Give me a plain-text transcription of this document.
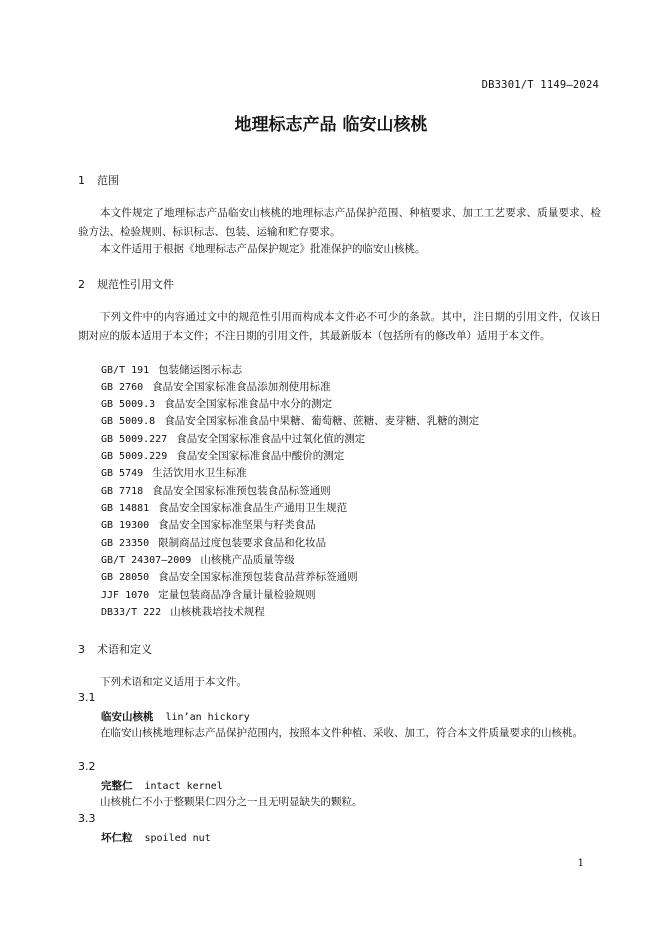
DB3301/T 1149—2024
地理标志产品 临安山核桃
1 范围
本文件规定了地理标志产品临安山核桃的地理标志产品保护范围、种植要求、加工工艺要求、质量要求、检验方法、检验规则、标识标志、包装、运输和贮存要求。
本文件适用于根据《地理标志产品保护规定》批准保护的临安山核桃。
2 规范性引用文件
下列文件中的内容通过文中的规范性引用而构成本文件必不可少的条款。其中，注日期的引用文件，仅该日期对应的版本适用于本文件；不注日期的引用文件，其最新版本（包括所有的修改单）适用于本文件。
GB/T 191 包装储运图示标志
GB 2760 食品安全国家标准食品添加剂使用标准
GB 5009.3 食品安全国家标准食品中水分的测定
GB 5009.8 食品安全国家标准食品中果糖、葡萄糖、蔗糖、麦芽糖、乳糖的测定
GB 5009.227 食品安全国家标准食品中过氧化值的测定
GB 5009.229 食品安全国家标准食品中酸价的测定
GB 5749 生活饮用水卫生标准
GB 7718 食品安全国家标准预包装食品标签通则
GB 14881 食品安全国家标准食品生产通用卫生规范
GB 19300 食品安全国家标准坚果与籽类食品
GB 23350 限制商品过度包装要求食品和化妆品
GB/T 24307—2009 山核桃产品质量等级
GB 28050 食品安全国家标准预包装食品营养标签通则
JJF 1070 定量包装商品净含量计量检验规则
DB33/T 222 山核桃栽培技术规程
3 术语和定义
下列术语和定义适用于本文件。
3.1
临安山核桃 lin’an hickory
在临安山核桃地理标志产品保护范围内，按照本文件种植、采收、加工，符合本文件质量要求的山核桃。
3.2
完整仁 intact kernel
山核桃仁不小于整颗果仁四分之一且无明显缺失的颗粒。
3.3
坏仁粒 spoiled nut
1
